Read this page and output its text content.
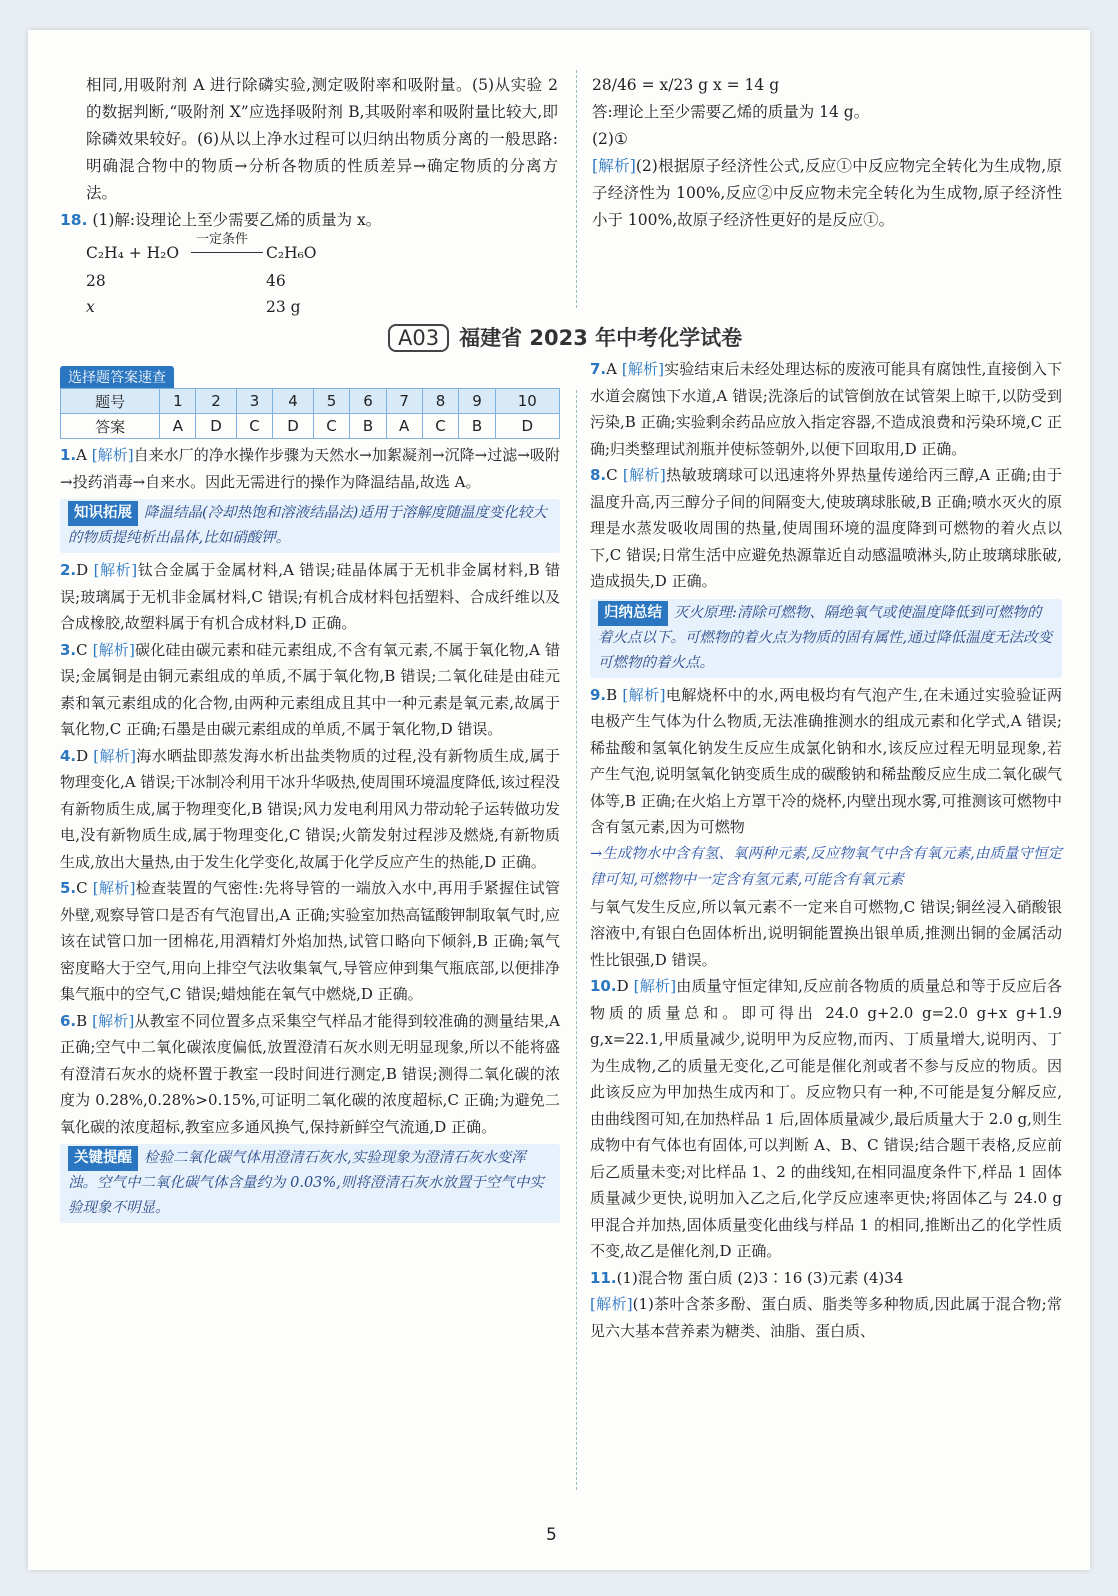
相同,用吸附剂 A 进行除磷实验,测定吸附率和吸附量。(5)从实验 2 的数据判断,“吸附剂 X”应选择吸附剂 B,其吸附率和吸附量比较大,即除磷效果较好。(6)从以上净水过程可以归纳出物质分离的一般思路:明确混合物中的物质→分析各物质的性质差异→确定物质的分离方法。

18. (1)解:设理论上至少需要乙烯的质量为 x。

C₂H₄ + H₂O
一定条件
C₂H₆O
28	46
x	23 g

28/46 = x/23 g x = 14 g

答:理论上至少需要乙烯的质量为 14 g。

(2)①

[解析](2)根据原子经济性公式,反应①中反应物完全转化为生成物,原子经济性为 100%,反应②中反应物未完全转化为生成物,原子经济性小于 100%,故原子经济性更好的是反应①。

A03 福建省 2023 年中考化学试卷
选择题答案速查
题号	1	2	3	4	5	6	7	8	9	10
答案	A	D	C	D	C	B	A	C	B	D

1.A [解析]自来水厂的净水操作步骤为天然水→加絮凝剂→沉降→过滤→吸附→投药消毒→自来水。因此无需进行的操作为降温结晶,故选 A。

知识拓展 降温结晶(冷却热饱和溶液结晶法)适用于溶解度随温度变化较大的物质提纯析出晶体,比如硝酸钾。

2.D [解析]钛合金属于金属材料,A 错误;硅晶体属于无机非金属材料,B 错误;玻璃属于无机非金属材料,C 错误;有机合成材料包括塑料、合成纤维以及合成橡胶,故塑料属于有机合成材料,D 正确。

3.C [解析]碳化硅由碳元素和硅元素组成,不含有氧元素,不属于氧化物,A 错误;金属铜是由铜元素组成的单质,不属于氧化物,B 错误;二氧化硅是由硅元素和氧元素组成的化合物,由两种元素组成且其中一种元素是氧元素,故属于氧化物,C 正确;石墨是由碳元素组成的单质,不属于氧化物,D 错误。

4.D [解析]海水晒盐即蒸发海水析出盐类物质的过程,没有新物质生成,属于物理变化,A 错误;干冰制冷利用干冰升华吸热,使周围环境温度降低,该过程没有新物质生成,属于物理变化,B 错误;风力发电利用风力带动轮子运转做功发电,没有新物质生成,属于物理变化,C 错误;火箭发射过程涉及燃烧,有新物质生成,放出大量热,由于发生化学变化,故属于化学反应产生的热能,D 正确。

5.C [解析]检查装置的气密性:先将导管的一端放入水中,再用手紧握住试管外壁,观察导管口是否有气泡冒出,A 正确;实验室加热高锰酸钾制取氧气时,应该在试管口加一团棉花,用酒精灯外焰加热,试管口略向下倾斜,B 正确;氧气密度略大于空气,用向上排空气法收集氧气,导管应伸到集气瓶底部,以便排净集气瓶中的空气,C 错误;蜡烛能在氧气中燃烧,D 正确。

6.B [解析]从教室不同位置多点采集空气样品才能得到较准确的测量结果,A 正确;空气中二氧化碳浓度偏低,放置澄清石灰水则无明显现象,所以不能将盛有澄清石灰水的烧杯置于教室一段时间进行测定,B 错误;测得二氧化碳的浓度为 0.28%,0.28%>0.15%,可证明二氧化碳的浓度超标,C 正确;为避免二氧化碳的浓度超标,教室应多通风换气,保持新鲜空气流通,D 正确。

关键提醒 检验二氧化碳气体用澄清石灰水,实验现象为澄清石灰水变浑浊。空气中二氧化碳气体含量约为 0.03%,则将澄清石灰水放置于空气中实验现象不明显。

7.A [解析]实验结束后未经处理达标的废液可能具有腐蚀性,直接倒入下水道会腐蚀下水道,A 错误;洗涤后的试管倒放在试管架上晾干,以防受到污染,B 正确;实验剩余药品应放入指定容器,不造成浪费和污染环境,C 正确;归类整理试剂瓶并使标签朝外,以便下回取用,D 正确。

8.C [解析]热敏玻璃球可以迅速将外界热量传递给丙三醇,A 正确;由于温度升高,丙三醇分子间的间隔变大,使玻璃球胀破,B 正确;喷水灭火的原理是水蒸发吸收周围的热量,使周围环境的温度降到可燃物的着火点以下,C 错误;日常生活中应避免热源靠近自动感温喷淋头,防止玻璃球胀破,造成损失,D 正确。

归纳总结 灭火原理:清除可燃物、隔绝氧气或使温度降低到可燃物的着火点以下。可燃物的着火点为物质的固有属性,通过降低温度无法改变可燃物的着火点。

9.B [解析]电解烧杯中的水,两电极均有气泡产生,在未通过实验验证两电极产生气体为什么物质,无法准确推测水的组成元素和化学式,A 错误;稀盐酸和氢氧化钠发生反应生成氯化钠和水,该反应过程无明显现象,若产生气泡,说明氢氧化钠变质生成的碳酸钠和稀盐酸反应生成二氧化碳气体等,B 正确;在火焰上方罩干冷的烧杯,内壁出现水雾,可推测该可燃物中含有氢元素,因为可燃物

→生成物水中含有氢、氧两种元素,反应物氧气中含有氧元素,由质量守恒定律可知,可燃物中一定含有氢元素,可能含有氧元素

与氧气发生反应,所以氧元素不一定来自可燃物,C 错误;铜丝浸入硝酸银溶液中,有银白色固体析出,说明铜能置换出银单质,推测出铜的金属活动性比银强,D 错误。

10.D [解析]由质量守恒定律知,反应前各物质的质量总和等于反应后各物质的质量总和。即可得出 24.0 g+2.0 g=2.0 g+x g+1.9 g,x=22.1,甲质量减少,说明甲为反应物,而丙、丁质量增大,说明丙、丁为生成物,乙的质量无变化,乙可能是催化剂或者不参与反应的物质。因此该反应为甲加热生成丙和丁。反应物只有一种,不可能是复分解反应,由曲线图可知,在加热样品 1 后,固体质量减少,最后质量大于 2.0 g,则生成物中有气体也有固体,可以判断 A、B、C 错误;结合题干表格,反应前后乙质量未变;对比样品 1、2 的曲线知,在相同温度条件下,样品 1 固体质量减少更快,说明加入乙之后,化学反应速率更快;将固体乙与 24.0 g 甲混合并加热,固体质量变化曲线与样品 1 的相同,推断出乙的化学性质不变,故乙是催化剂,D 正确。

11.(1)混合物 蛋白质 (2)3∶16 (3)元素 (4)34

[解析](1)茶叶含茶多酚、蛋白质、脂类等多种物质,因此属于混合物;常见六大基本营养素为糖类、油脂、蛋白质、

5
